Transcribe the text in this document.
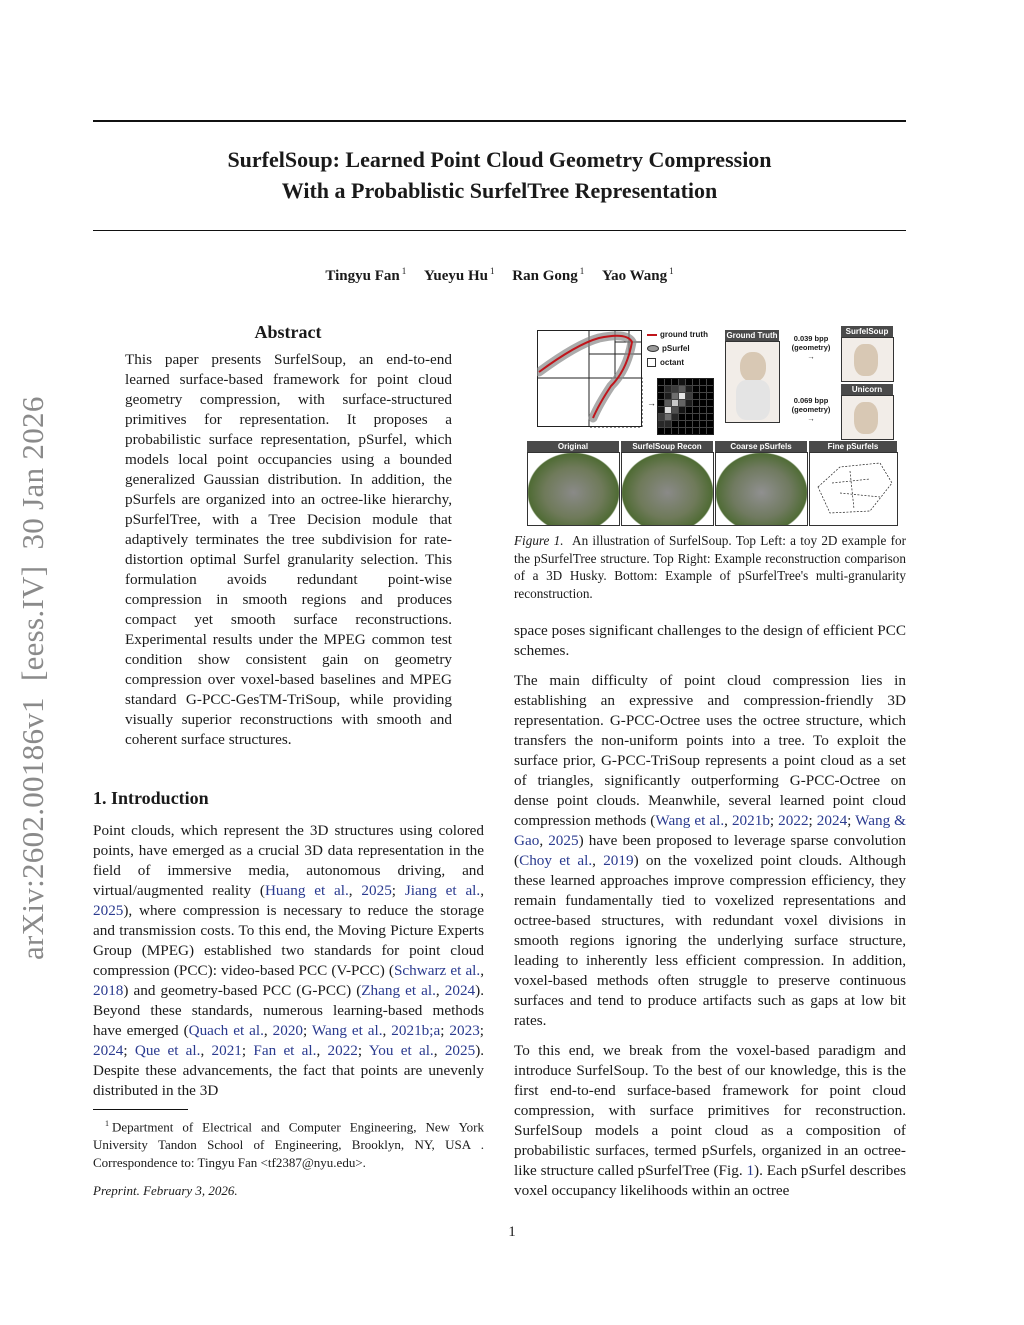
SurfelSoup: Learned Point Cloud Geometry Compression
With a Probablistic SurfelTree Representation
Tingyu Fan $^1$ Yueyu Hu $^1$ Ran Gong $^1$ Yao Wang $^1$
arXiv:2602.00186v1  [eess.IV]  30 Jan 2026
Abstract
This paper presents SurfelSoup, an end-to-end learned surface-based framework for point cloud geometry compression, with surface-structured primitives for representation. It proposes a probabilistic surface representation, pSurfel, which models local point occupancies using a bounded generalized Gaussian distribution. In addition, the pSurfels are organized into an octree-like hierarchy, pSurfelTree, with a Tree Decision module that adaptively terminates the tree subdivision for rate-distortion optimal Surfel granularity selection. This formulation avoids redundant point-wise compression in smooth regions and produces compact yet smooth surface reconstructions. Experimental results under the MPEG common test condition show consistent gain on geometry compression over voxel-based baselines and MPEG standard G-PCC-GesTM-TriSoup, while providing visually superior reconstructions with smooth and coherent surface structures.
1. Introduction
Point clouds, which represent the 3D structures using colored points, have emerged as a crucial 3D data representation in the field of immersive media, autonomous driving, and virtual/augmented reality (Huang et al., 2025; Jiang et al., 2025), where compression is necessary to reduce the storage and transmission costs. To this end, the Moving Picture Experts Group (MPEG) established two standards for point cloud compression (PCC): video-based PCC (V-PCC) (Schwarz et al., 2018) and geometry-based PCC (G-PCC) (Zhang et al., 2024). Beyond these standards, numerous learning-based methods have emerged (Quach et al., 2020; Wang et al., 2021b;a; 2023; 2024; Que et al., 2021; Fan et al., 2022; You et al., 2025). Despite these advancements, the fact that points are unevenly distributed in the 3D
$^1$ Department of Electrical and Computer Engineering, New York University Tandon School of Engineering, Brooklyn, NY, USA . Correspondence to: Tingyu Fan <tf2387@nyu.edu>.
Preprint. February 3, 2026.
ground truth
pSurfel
octant
→
Ground Truth	0.039 bpp
(geometry)
→
SurfelSoup
0.069 bpp
(geometry)
→
Unicorn
Original	SurfelSoup Recon	Coarse pSurfels	Fine pSurfels
Figure 1. An illustration of SurfelSoup. Top Left: a toy 2D example for the pSurfelTree structure. Top Right: Example reconstruction comparison of a 3D Husky. Bottom: Example of pSurfelTree's multi-granularity reconstruction.

space poses significant challenges to the design of efficient PCC schemes.

The main difficulty of point cloud compression lies in establishing an expressive and compression-friendly 3D representation. G-PCC-Octree uses the octree structure, which transfers the non-uniform points into a tree. To exploit the surface prior, G-PCC-TriSoup represents a point cloud as a set of triangles, significantly outperforming G-PCC-Octree on dense point clouds. Meanwhile, several learned point cloud compression methods (Wang et al., 2021b; 2022; 2024; Wang & Gao, 2025) have been proposed to leverage sparse convolution (Choy et al., 2019) on the voxelized point clouds. Although these learned approaches improve compression efficiency, they remain fundamentally tied to voxelized representations and octree-based structures, with redundant voxel divisions in smooth regions ignoring the underlying surface structure, leading to inherently less efficient compression. In addition, voxel-based methods often struggle to preserve continuous surfaces and tend to produce artifacts such as gaps at low bit rates.

To this end, we break from the voxel-based paradigm and introduce SurfelSoup. To the best of our knowledge, this is the first end-to-end surface-based framework for point cloud compression, with surface primitives for reconstruction. SurfelSoup models a point cloud as a composition of probabilistic surfaces, termed pSurfels, organized in an octree-like structure called pSurfelTree (Fig. 1). Each pSurfel describes voxel occupancy likelihoods within an octree

1
